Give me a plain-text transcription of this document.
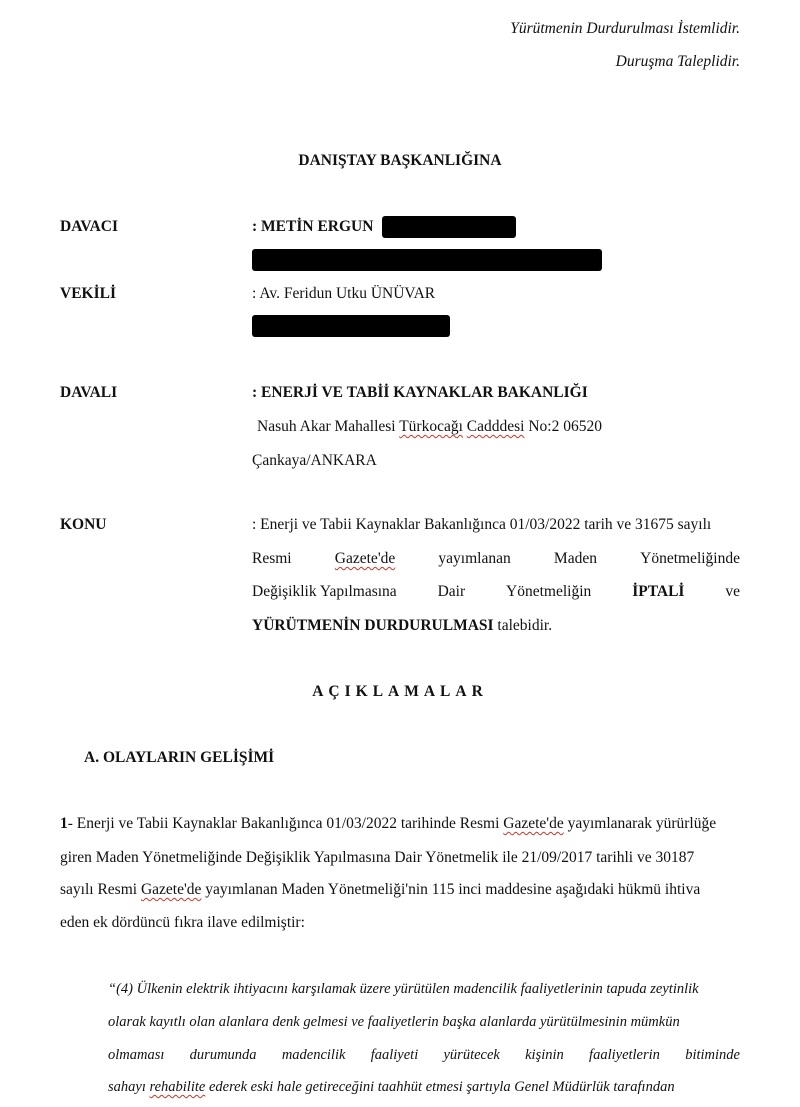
Yürütmenin Durdurulması İstemlidir.
Duruşma Taleplidir.
DANIŞTAY BAŞKANLIĞINA
DAVACI	: METİN ERGUN
VEKİLİ	: Av. Feridun Utku ÜNÜVAR
DAVALI	: ENERJİ VE TABİİ KAYNAKLAR BAKANLIĞI
Nasuh Akar Mahallesi Türkocağı Cadddesi No:2 06520
Çankaya/ANKARA
KONU	: Enerji ve Tabii Kaynaklar Bakanlığınca 01/03/2022 tarih ve 31675 sayılı
Resmi	Gazete'de	yayımlanan	Maden	Yönetmeliğinde
Değişiklik Yapılmasına	Dair	Yönetmeliğin	İPTALİ	ve
YÜRÜTMENİN DURDURULMASI talebidir.
AÇIKLAMALAR
A. OLAYLARIN GELİŞİMİ
1- Enerji ve Tabii Kaynaklar Bakanlığınca 01/03/2022 tarihinde Resmi Gazete'de yayımlanarak yürürlüğe
giren Maden Yönetmeliğinde Değişiklik Yapılmasına Dair Yönetmelik ile 21/09/2017 tarihli ve 30187
sayılı Resmi Gazete'de yayımlanan Maden Yönetmeliği'nin 115 inci maddesine aşağıdaki hükmü ihtiva
eden ek dördüncü fıkra ilave edilmiştir:
“(4) Ülkenin elektrik ihtiyacını karşılamak üzere yürütülen madencilik faaliyetlerinin tapuda zeytinlik
olarak kayıtlı olan alanlara denk gelmesi ve faaliyetlerin başka alanlarda yürütülmesinin mümkün
olmaması durumunda madencilik faaliyeti yürütecek kişinin faaliyetlerin bitiminde
sahayı rehabilite ederek eski hale getireceğini taahhüt etmesi şartıyla Genel Müdürlük tarafından
